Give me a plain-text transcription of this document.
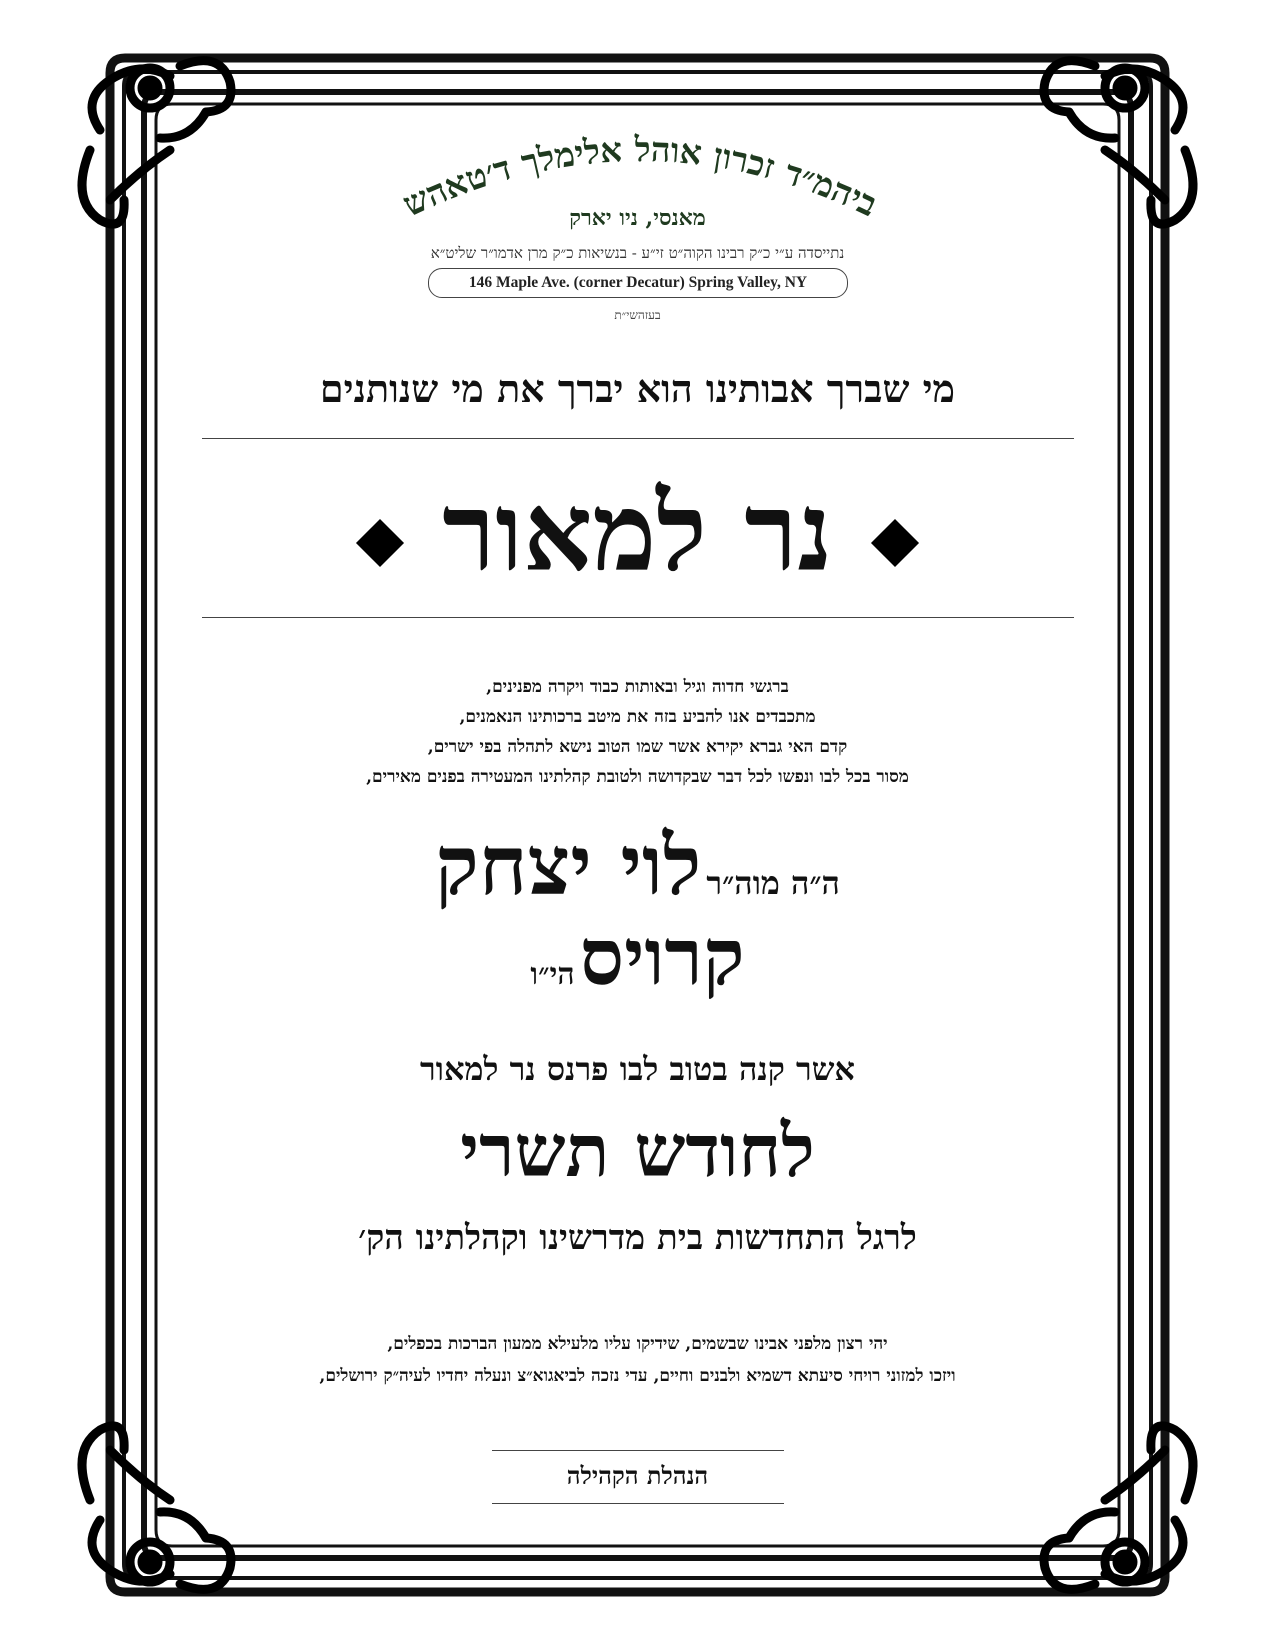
ביהמ״ד זכרון אוהל אלימלך ד׳טאהש
מאנסי, ניו יארק
נתייסדה ע״י כ״ק רבינו הקוה״ט זי״ע - בנשיאות כ״ק מרן אדמו״ר שליט״א
146 Maple Ave. (corner Decatur) Spring Valley, NY
בעזהשי״ת
מי שברך אבותינו הוא יברך את מי שנותנים
נר למאור
ברגשי חדוה וגיל ובאותות כבוד ויקרה מפנינים,
מתכבדים אנו להביע בזה את מיטב ברכותינו הנאמנים,
קדם האי גברא יקירא אשר שמו הטוב נישא לתהלה בפי ישרים,
מסור בכל לבו ונפשו לכל דבר שבקדושה ולטובת קהלתינו המעטירה בפנים מאירים,
ה״ה מוה״ר לוי יצחק
קרויס הי״ו
אשר קנה בטוב לבו פרנס נר למאור
לחודש תשרי
לרגל התחדשות בית מדרשינו וקהלתינו הק׳
יהי רצון מלפני אבינו שבשמים, שידיקו עליו מלעילא ממעון הברכות בכפלים,
ויזכו למזוני רויחי סיעתא דשמיא ולבנים וחיים, עדי נזכה לביאגוא״צ ונעלה יחדיו לעיה״ק ירושלים,
הנהלת הקהילה
